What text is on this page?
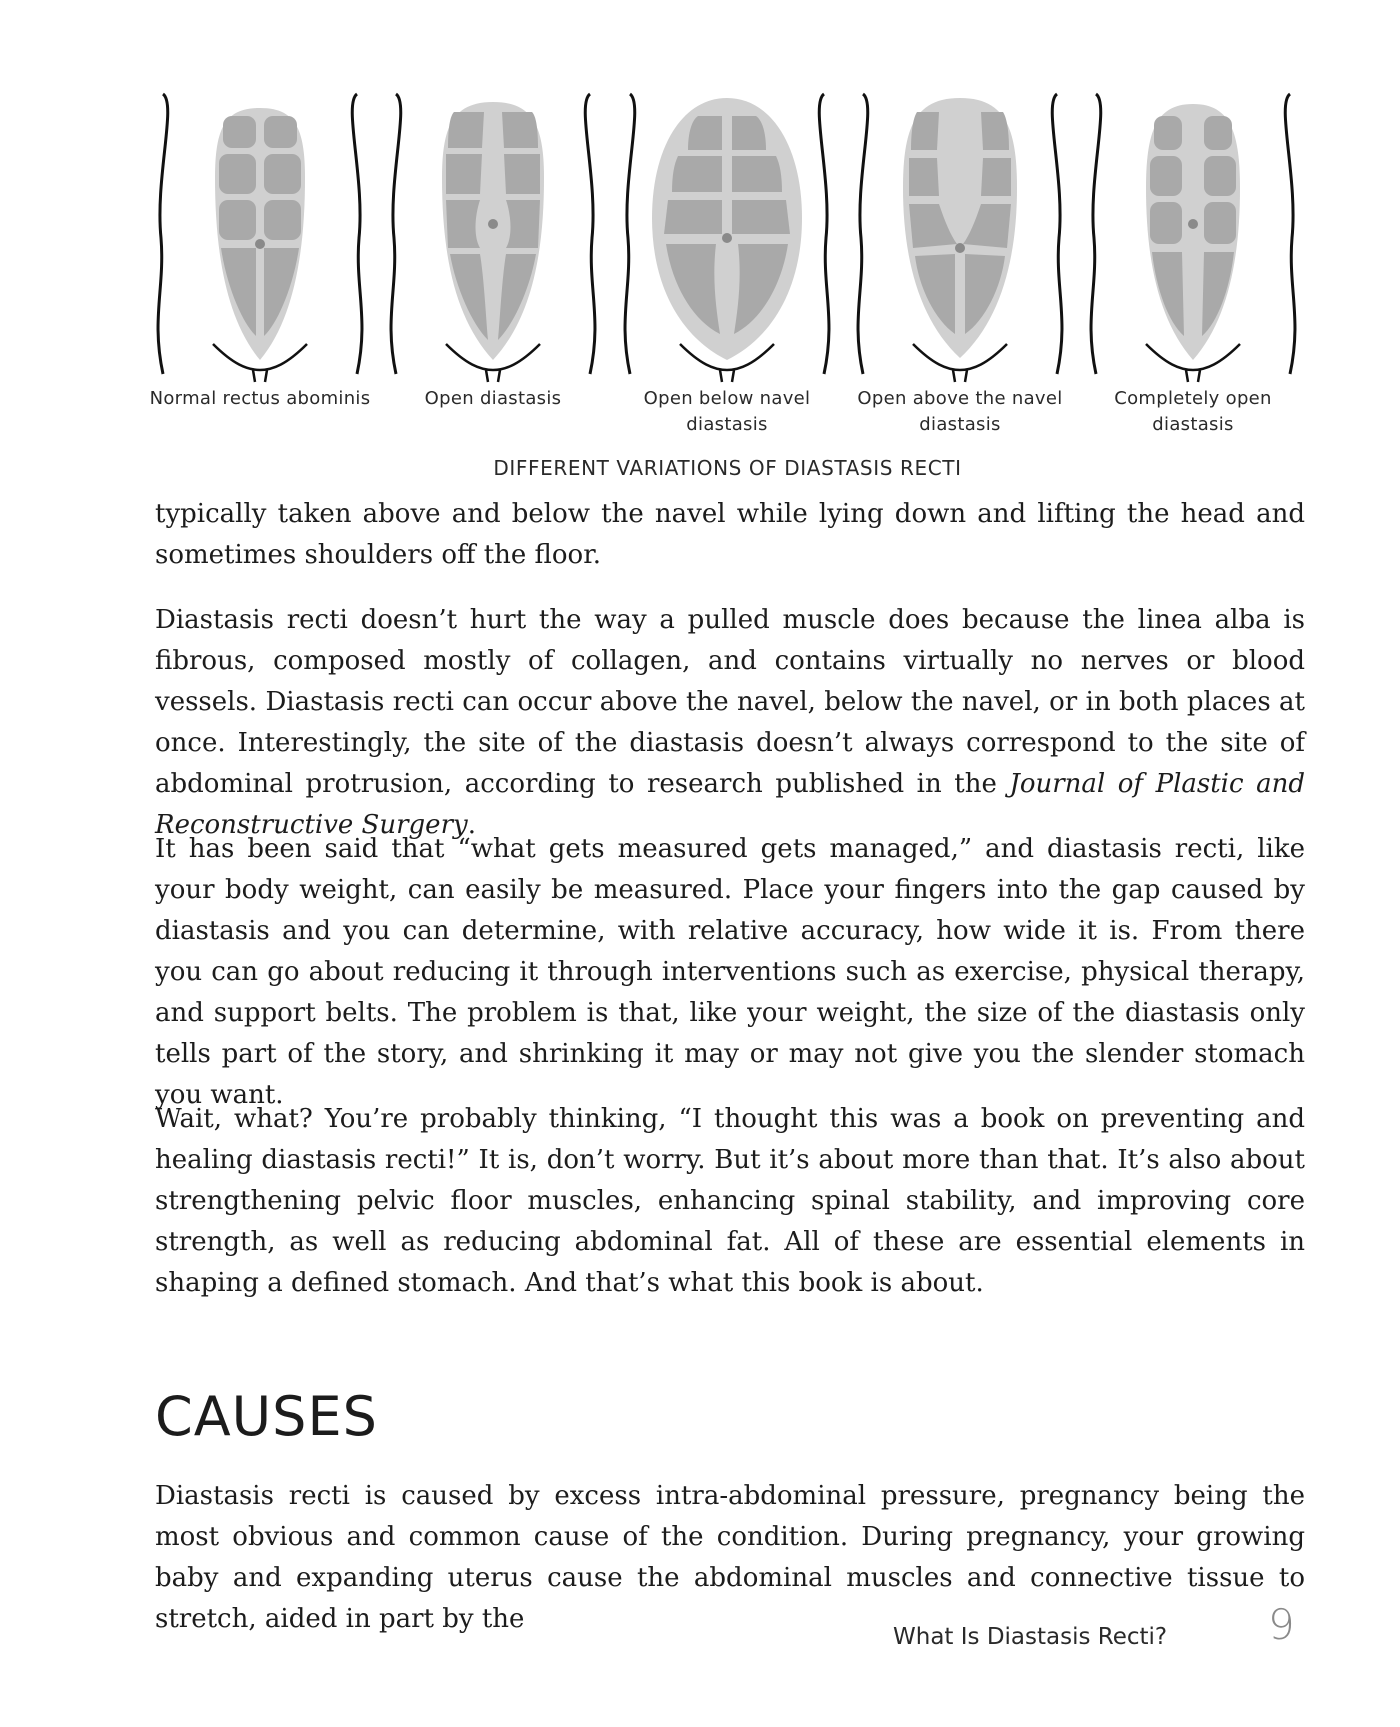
Normal rectus abominis	Open diastasis	Open below navel
diastasis
Open above the navel
diastasis
Completely open
diastasis
DIFFERENT VARIATIONS OF DIASTASIS RECTI

typically taken above and below the navel while lying down and lifting the head and sometimes shoulders off the floor.

Diastasis recti doesn’t hurt the way a pulled muscle does because the linea alba is fibrous, composed mostly of collagen, and contains virtually no nerves or blood vessels. Diastasis recti can occur above the navel, below the navel, or in both places at once. Interestingly, the site of the diastasis doesn’t always correspond to the site of abdominal protrusion, according to research published in the Journal of Plastic and Reconstructive Surgery.

It has been said that “what gets measured gets managed,” and diastasis recti, like your body weight, can easily be measured. Place your fingers into the gap caused by diastasis and you can determine, with relative accuracy, how wide it is. From there you can go about reducing it through interventions such as exercise, physical therapy, and support belts. The problem is that, like your weight, the size of the diastasis only tells part of the story, and shrinking it may or may not give you the slender stomach you want.

Wait, what? You’re probably thinking, “I thought this was a book on preventing and healing diastasis recti!” It is, don’t worry. But it’s about more than that. It’s also about strengthening pelvic floor muscles, enhancing spinal stability, and improving core strength, as well as reducing abdominal fat. All of these are essential elements in shaping a defined stomach. And that’s what this book is about.

CAUSES

Diastasis recti is caused by excess intra-abdominal pressure, pregnancy being the most obvious and common cause of the condition. During pregnancy, your growing baby and expanding uterus cause the abdominal muscles and connective tissue to stretch, aided in part by the

What Is Diastasis Recti? 9
